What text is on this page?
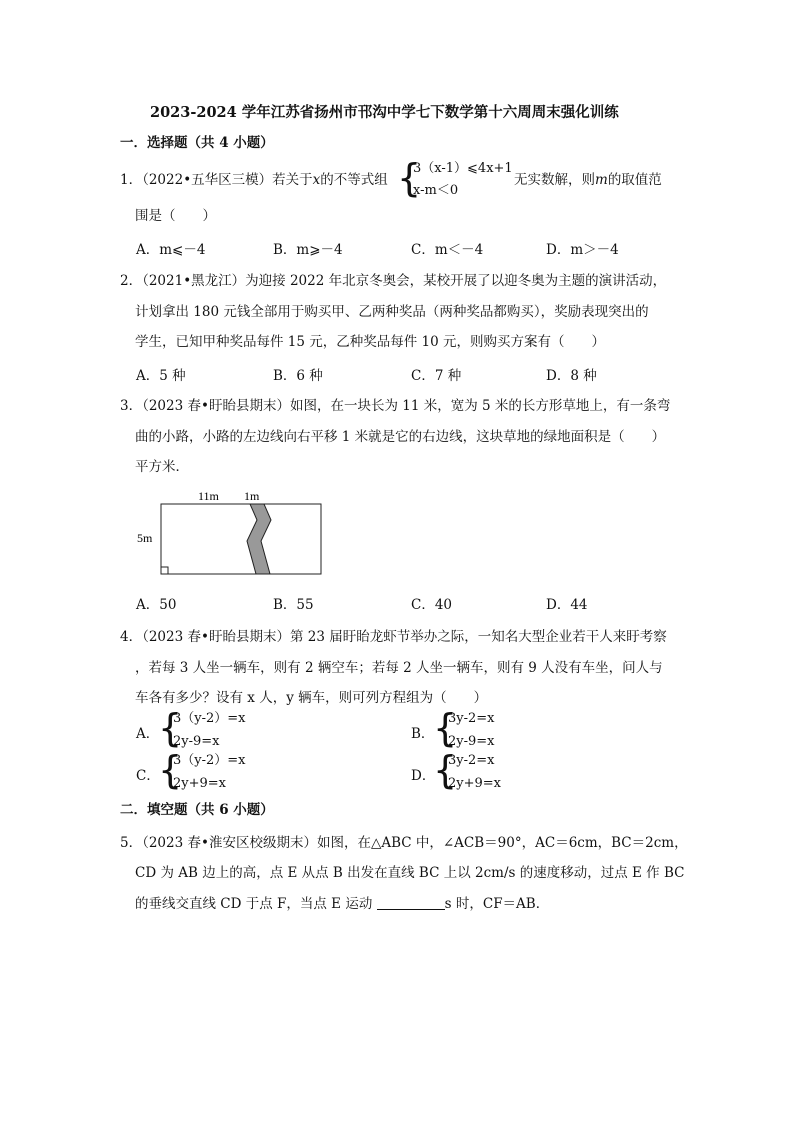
2023-2024 学年江苏省扬州市邗沟中学七下数学第十六周周末强化训练
一．选择题（共 4 小题）
1．（2022•五华区三模）若关于x的不等式组 {
3（x-1）⩽4x+1
x-m＜0
无实数解，则m的取值范
围是（　　）
A．m⩽－4	B．m⩾－4	C．m＜－4	D．m＞－4
2．（2021•黑龙江）为迎接 2022 年北京冬奥会，某校开展了以迎冬奥为主题的演讲活动，
计划拿出 180 元钱全部用于购买甲、乙两种奖品（两种奖品都购买），奖励表现突出的
学生，已知甲种奖品每件 15 元，乙种奖品每件 10 元，则购买方案有（　　）
A．5 种	B．6 种	C．7 种	D．8 种
3．（2023 春•盱眙县期末）如图，在一块长为 11 米，宽为 5 米的长方形草地上，有一条弯
曲的小路，小路的左边线向右平移 1 米就是它的右边线，这块草地的绿地面积是（　　）
平方米．
11m 1m
5m
A．50	B．55	C．40	D．44
4．（2023 春•盱眙县期末）第 23 届盱眙龙虾节举办之际，一知名大型企业若干人来盱考察
，若每 3 人坐一辆车，则有 2 辆空车；若每 2 人坐一辆车，则有 9 人没有车坐，问人与
车各有多少？设有 x 人，y 辆车，则可列方程组为（　　）
A．
{
3（y-2）=x
2y-9=x	B．
{
3y-2=x
2y-9=x
C．
{
3（y-2）=x
2y+9=x	D．
{
3y-2=x
2y+9=x
二．填空题（共 6 小题）
5．（2023 春•淮安区校级期末）如图，在△ABC 中，∠ACB＝90°，AC＝6cm，BC＝2cm，
CD 为 AB 边上的高，点 E 从点 B 出发在直线 BC 上以 2cm/s 的速度移动，过点 E 作 BC
的垂线交直线 CD 于点 F，当点 E 运动	s 时，CF＝AB．
